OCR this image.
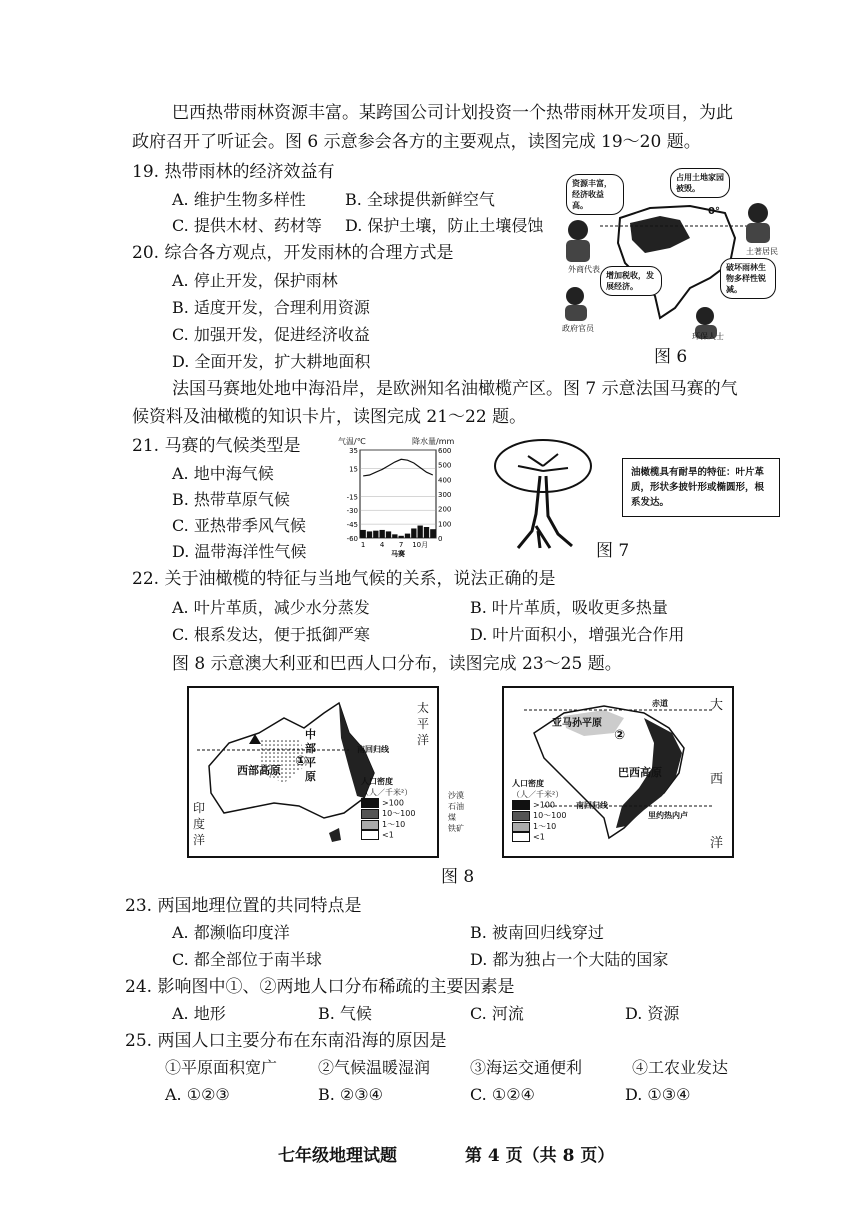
巴西热带雨林资源丰富。某跨国公司计划投资一个热带雨林开发项目，为此
政府召开了听证会。图 6 示意参会各方的主要观点，读图完成 19～20 题。
19. 热带雨林的经济效益有
A. 维护生物多样性 B. 全球提供新鲜空气
C. 提供木材、药材等 D. 保护土壤，防止土壤侵蚀
20. 综合各方观点，开发雨林的合理方式是
A. 停止开发，保护雨林
B. 适度开发，合理利用资源
C. 加强开发，促进经济收益
D. 全面开发，扩大耕地面积
资源丰富，经济收益高。
占用土地家园被毁。
增加税收，发展经济。
破坏雨林生物多样性锐减。
0°
外商代表
土著居民
政府官员
环保人士
图 6
法国马赛地处地中海沿岸，是欧洲知名油橄榄产区。图 7 示意法国马赛的气
候资料及油橄榄的知识卡片，读图完成 21～22 题。
21. 马赛的气候类型是
A. 地中海气候
B. 热带草原气候
C. 亚热带季风气候
D. 温带海洋性气候
气温/℃	降水量/mm
35
15
-15
-30
-45
-60
600
500
400
300
200
100
0
1 4 7 10月
马赛
油橄榄具有耐旱的特征：叶片革质，形状多披针形或椭圆形，根系发达。
图 7
22. 关于油橄榄的特征与当地气候的关系，说法正确的是
A. 叶片革质，减少水分蒸发	B. 叶片革质，吸收更多热量
C. 根系发达，便于抵御严寒	D. 叶片面积小，增强光合作用
图 8 示意澳大利亚和巴西人口分布，读图完成 23～25 题。
太平洋
印度洋
西部高原
中部平原
①
南回归线
人口密度
（人／千米²）
>100
10～100
1～10
<1
沙漠
石油
煤
铁矿
赤道
亚马孙平原
②
巴西高原
南回归线
里约热内卢
大
西
洋
人口密度
（人／千米²）
>100
10～100
1～10
<1
图 8
23. 两国地理位置的共同特点是
A. 都濒临印度洋	B. 被南回归线穿过
C. 都全部位于南半球	D. 都为独占一个大陆的国家
24. 影响图中①、②两地人口分布稀疏的主要因素是
A. 地形	B. 气候	C. 河流	D. 资源
25. 两国人口主要分布在东南沿海的原因是
①平原面积宽广	②气候温暖湿润 ③海运交通便利	④工农业发达
A. ①②③	B. ②③④	C. ①②④	D. ①③④
七年级地理试题	第 4 页（共 8 页）
